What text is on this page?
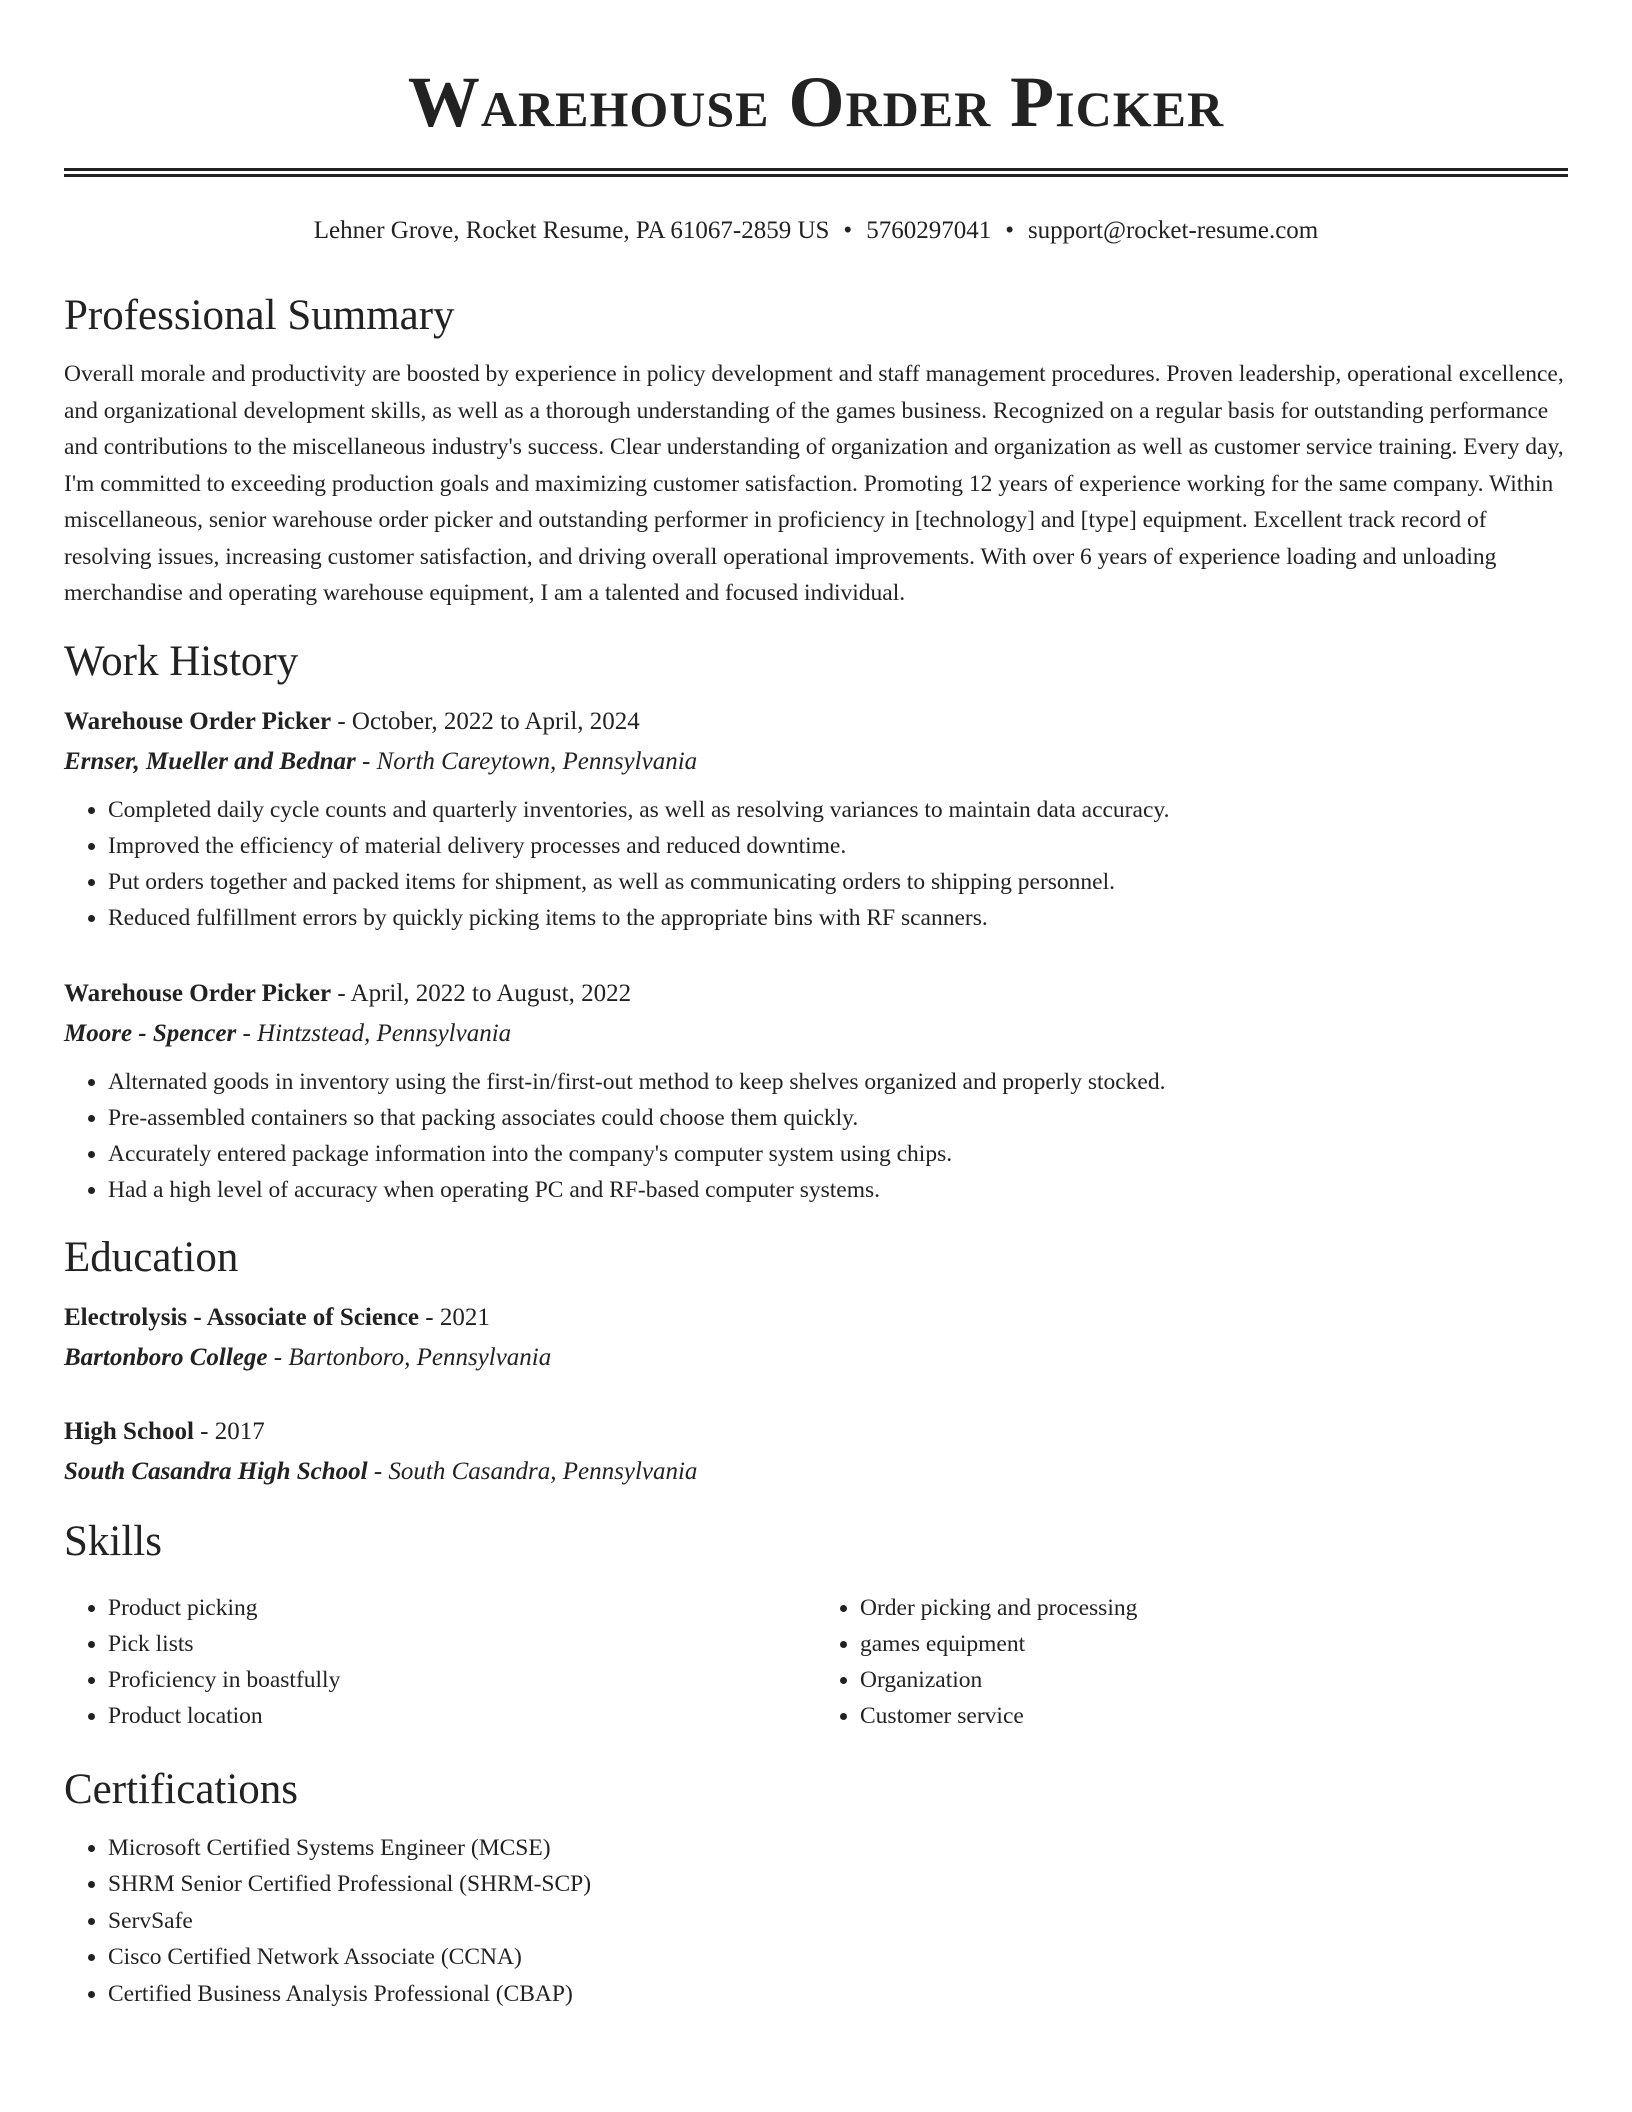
Warehouse Order Picker
Lehner Grove, Rocket Resume, PA 61067-2859 US • 5760297041 • support@rocket-resume.com
Professional Summary

Overall morale and productivity are boosted by experience in policy development and staff management procedures. Proven leadership, operational excellence, and organizational development skills, as well as a thorough understanding of the games business. Recognized on a regular basis for outstanding performance and contributions to the miscellaneous industry's success. Clear understanding of organization and organization as well as customer service training. Every day, I'm committed to exceeding production goals and maximizing customer satisfaction. Promoting 12 years of experience working for the same company. Within miscellaneous, senior warehouse order picker and outstanding performer in proficiency in [technology] and [type] equipment. Excellent track record of resolving issues, increasing customer satisfaction, and driving overall operational improvements. With over 6 years of experience loading and unloading merchandise and operating warehouse equipment, I am a talented and focused individual.

Work History
Warehouse Order Picker - October, 2022 to April, 2024
Ernser, Mueller and Bednar - North Careytown, Pennsylvania
• Completed daily cycle counts and quarterly inventories, as well as resolving variances to maintain data accuracy.
• Improved the efficiency of material delivery processes and reduced downtime.
• Put orders together and packed items for shipment, as well as communicating orders to shipping personnel.
• Reduced fulfillment errors by quickly picking items to the appropriate bins with RF scanners.
Warehouse Order Picker - April, 2022 to August, 2022
Moore - Spencer - Hintzstead, Pennsylvania
• Alternated goods in inventory using the first-in/first-out method to keep shelves organized and properly stocked.
• Pre-assembled containers so that packing associates could choose them quickly.
• Accurately entered package information into the company's computer system using chips.
• Had a high level of accuracy when operating PC and RF-based computer systems.
Education
Electrolysis - Associate of Science - 2021
Bartonboro College - Bartonboro, Pennsylvania
High School - 2017
South Casandra High School - South Casandra, Pennsylvania
Skills
• Product picking
• Pick lists
• Proficiency in boastfully
• Product location
• Order picking and processing
• games equipment
• Organization
• Customer service
Certifications
• Microsoft Certified Systems Engineer (MCSE)
• SHRM Senior Certified Professional (SHRM-SCP)
• ServSafe
• Cisco Certified Network Associate (CCNA)
• Certified Business Analysis Professional (CBAP)
